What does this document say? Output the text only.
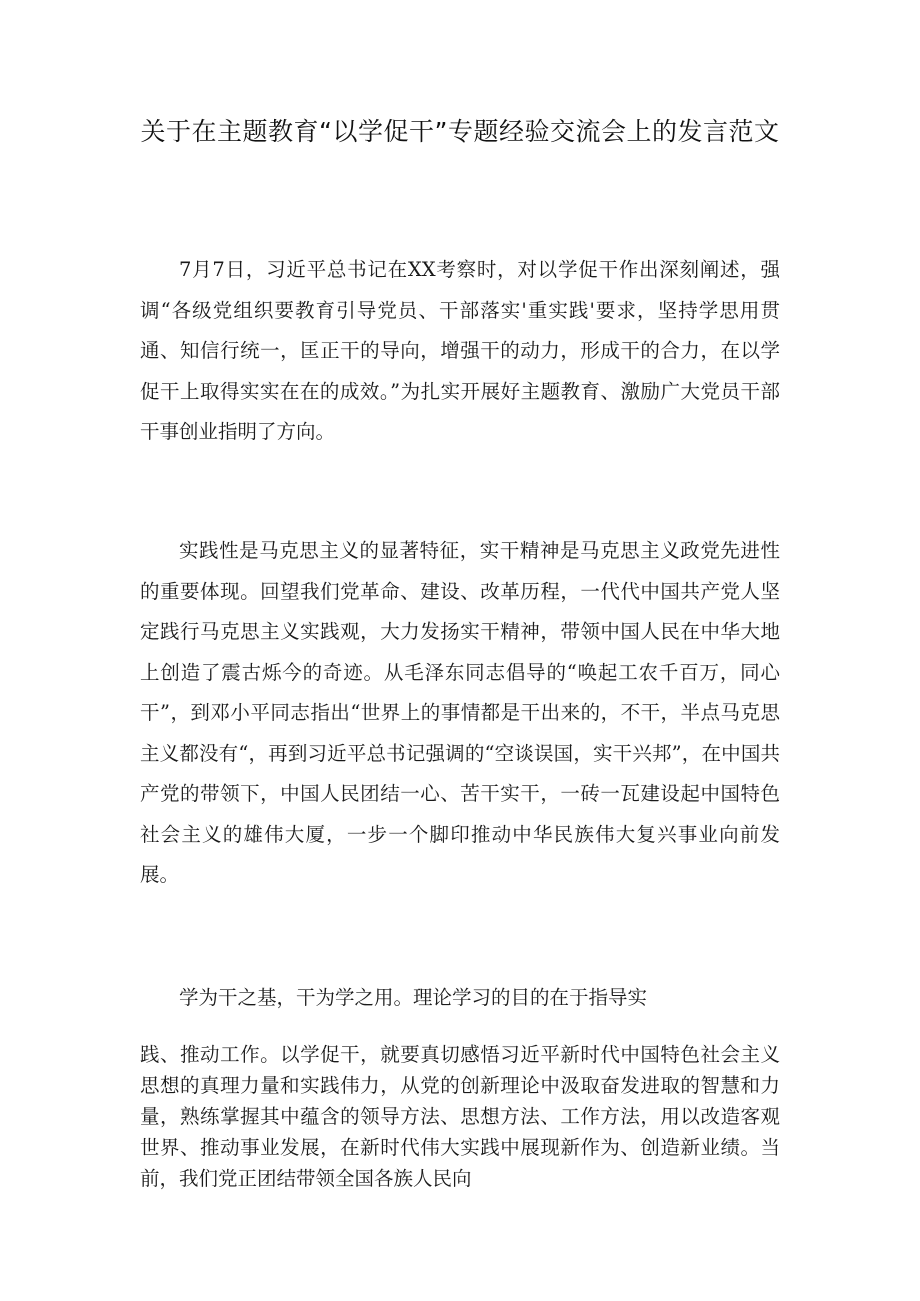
关于在主题教育“以学促干”专题经验交流会上的发言范文

7月7日，习近平总书记在XX考察时，对以学促干作出深刻阐述，强调“各级党组织要教育引导党员、干部落实'重实践'要求，坚持学思用贯通、知信行统一，匡正干的导向，增强干的动力，形成干的合力，在以学促干上取得实实在在的成效。”为扎实开展好主题教育、激励广大党员干部干事创业指明了方向。

实践性是马克思主义的显著特征，实干精神是马克思主义政党先进性的重要体现。回望我们党革命、建设、改革历程，一代代中国共产党人坚定践行马克思主义实践观，大力发扬实干精神，带领中国人民在中华大地上创造了震古烁今的奇迹。从毛泽东同志倡导的“唤起工农千百万，同心干”，到邓小平同志指出“世界上的事情都是干出来的，不干，半点马克思主义都没有“，再到习近平总书记强调的“空谈误国，实干兴邦”，在中国共产党的带领下，中国人民团结一心、苦干实干，一砖一瓦建设起中国特色社会主义的雄伟大厦，一步一个脚印推动中华民族伟大复兴事业向前发展。

学为干之基，干为学之用。理论学习的目的在于指导实

践、推动工作。以学促干，就要真切感悟习近平新时代中国特色社会主义思想的真理力量和实践伟力，从党的创新理论中汲取奋发进取的智慧和力量，熟练掌握其中蕴含的领导方法、思想方法、工作方法，用以改造客观世界、推动事业发展，在新时代伟大实践中展现新作为、创造新业绩。当前，我们党正团结带领全国各族人民向
